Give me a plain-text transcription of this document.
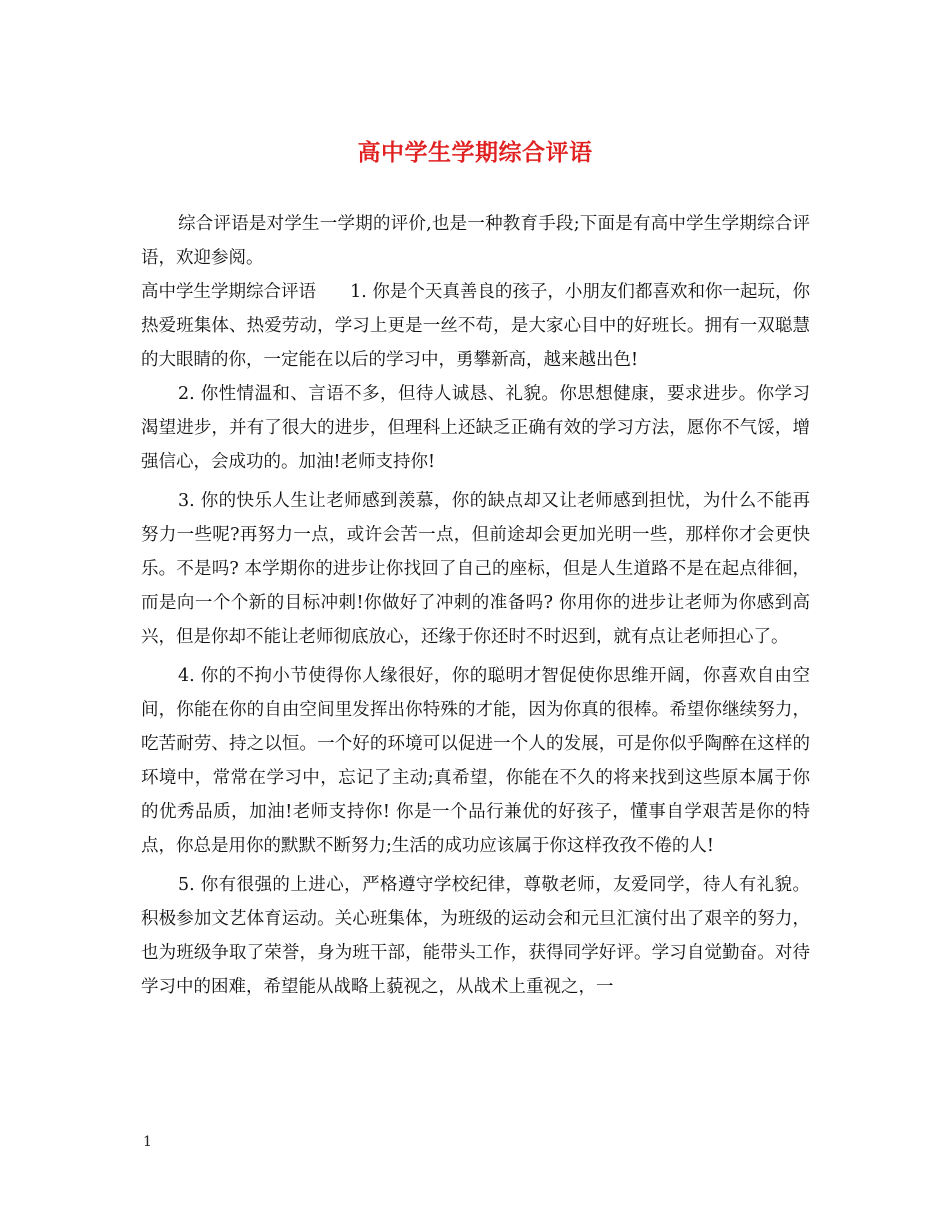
高中学生学期综合评语

综合评语是对学生一学期的评价,也是一种教育手段;下面是有高中学生学期综合评语，欢迎参阅。

高中学生学期综合评语 1. 你是个天真善良的孩子，小朋友们都喜欢和你一起玩，你热爱班集体、热爱劳动，学习上更是一丝不苟，是大家心目中的好班长。拥有一双聪慧的大眼睛的你，一定能在以后的学习中，勇攀新高，越来越出色!

2. 你性情温和、言语不多，但待人诚恳、礼貌。你思想健康，要求进步。你学习渴望进步，并有了很大的进步，但理科上还缺乏正确有效的学习方法，愿你不气馁，增强信心，会成功的。加油!老师支持你!

3. 你的快乐人生让老师感到羡慕，你的缺点却又让老师感到担忧，为什么不能再努力一些呢?再努力一点，或许会苦一点，但前途却会更加光明一些，那样你才会更快乐。不是吗? 本学期你的进步让你找回了自己的座标，但是人生道路不是在起点徘徊，而是向一个个新的目标冲刺!你做好了冲刺的准备吗? 你用你的进步让老师为你感到高兴，但是你却不能让老师彻底放心，还缘于你还时不时迟到，就有点让老师担心了。

4. 你的不拘小节使得你人缘很好，你的聪明才智促使你思维开阔，你喜欢自由空间，你能在你的自由空间里发挥出你特殊的才能，因为你真的很棒。希望你继续努力，吃苦耐劳、持之以恒。一个好的环境可以促进一个人的发展，可是你似乎陶醉在这样的环境中，常常在学习中，忘记了主动;真希望，你能在不久的将来找到这些原本属于你的优秀品质，加油!老师支持你! 你是一个品行兼优的好孩子，懂事自学艰苦是你的特点，你总是用你的默默不断努力;生活的成功应该属于你这样孜孜不倦的人!

5. 你有很强的上进心，严格遵守学校纪律，尊敬老师，友爱同学，待人有礼貌。积极参加文艺体育运动。关心班集体，为班级的运动会和元旦汇演付出了艰辛的努力，也为班级争取了荣誉，身为班干部，能带头工作，获得同学好评。学习自觉勤奋。对待学习中的困难，希望能从战略上藐视之，从战术上重视之，一

1
